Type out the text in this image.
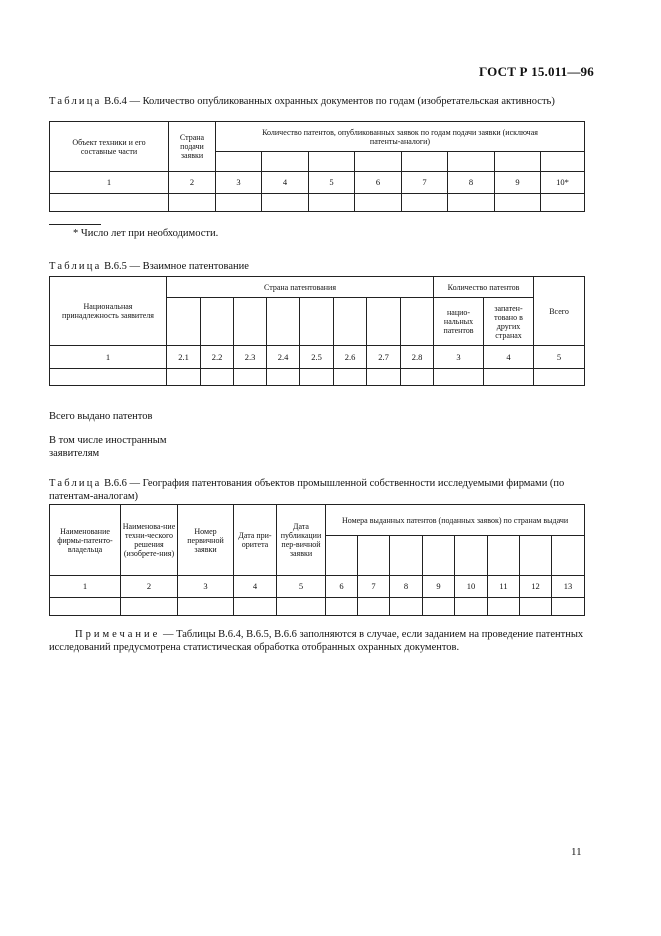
ГОСТ Р 15.011—96
Таблица В.6.4 — Количество опубликованных охранных документов по годам (изобретательская активность)
Объект техники и его составные части	Страна подачи заявки	Количество патентов, опубликованных заявок по годам подачи заявки (исключая патенты-аналоги)							

1	2	3	4	5	6	7	8	9	10*

* Число лет при необходимости.
Таблица В.6.5 — Взаимное патентование
Национальная принадлежность заявителя	Страна патентования								Количество патентов		Всего
									нацио-нальных патентов	запатен-товано в других странах	
1	2.1	2.2	2.3	2.4	2.5	2.6	2.7	2.8	3	4	5

Всего выдано патентов
В том числе иностранным
заявителям
Таблица В.6.6 — География патентования объектов промышленной собственности исследуемыми фирмами (по патентам-аналогам)
Наименование фирмы-патенто-владельца	Наименова-ние техни-ческого решения (изобрете-ния)	Номер первичной заявки	Дата при-оритета	Дата публикации пер-вичной заявки	Номера выданных патентов (поданных заявок) по странам выдачи							

1	2	3	4	5	6	7	8	9	10	11	12	13

Примечание — Таблицы В.6.4, В.6.5, В.6.6 заполняются в случае, если заданием на проведение патентных исследований предусмотрена статистическая обработка отобранных охранных документов.
11
